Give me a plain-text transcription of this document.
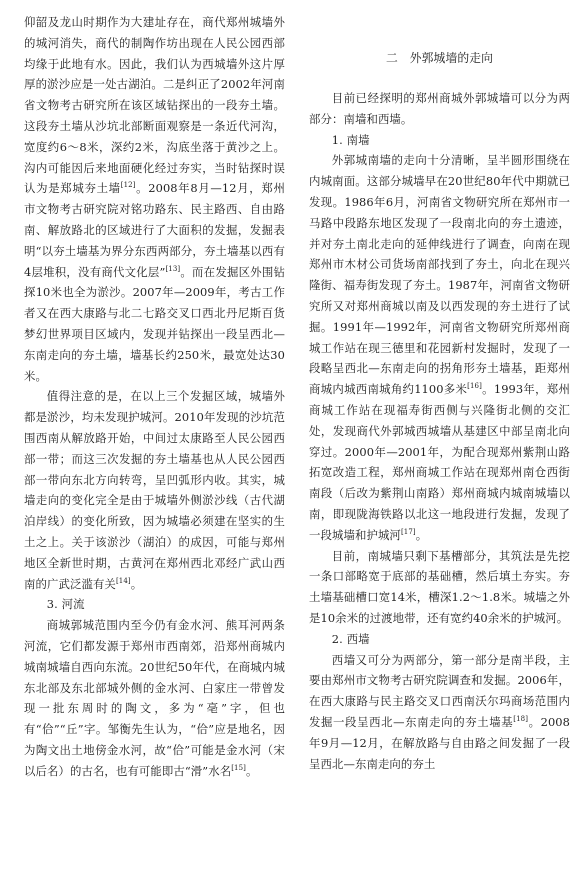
仰韶及龙山时期作为大建址存在，商代郑州城墙外的城河消失，商代的制陶作坊出现在人民公园西部均缘于此地有水。因此，我们认为西城墙外这片厚厚的淤沙应是一处古湖泊。二是纠正了2002年河南省文物考古研究所在该区域钻探出的一段夯土墙。这段夯土墙从沙坑北部断面观察是一条近代河沟，宽度约6～8米，深约2米，沟底坐落于黄沙之上。沟内可能因后来地面硬化经过夯实，当时钻探时误认为是郑城夯土墙[12]。2008年8月—12月，郑州市文物考古研究院对铭功路东、民主路西、自由路南、解放路北的区域进行了大面积的发掘，发掘表明“以夯土墙基为界分东西两部分，夯土墙基以西有4层堆积，没有商代文化层”[13]。而在发掘区外围钻探10米也全为淤沙。2007年—2009年，考古工作者又在西大康路与北二七路交叉口西北丹尼斯百货梦幻世界项目区域内，发现并钻探出一段呈西北—东南走向的夯土墙，墙基长约250米，最宽处达30米。

值得注意的是，在以上三个发掘区域，城墙外都是淤沙，均未发现护城河。2010年发现的沙坑范围西南从解放路开始，中间过太康路至人民公园西部一带；而这三次发掘的夯土墙基也从人民公园西部一带向东北方向转弯，呈凹弧形内收。其实，城墙走向的变化完全是由于城墙外侧淤沙线（古代湖泊岸线）的变化所致，因为城墙必须建在坚实的生土之上。关于该淤沙（湖泊）的成因，可能与郑州地区全新世时期，古黄河在郑州西北邓经广武山西南的广武泛滥有关[14]。

3. 河流

商城郭城范围内至今仍有金水河、熊耳河两条河流，它们都发源于郑州市西南郊，沿郑州商城内城南城墙自西向东流。20世纪50年代，在商城内城东北部及东北部城外侧的金水河、白家庄一带曾发现一批东周时的陶文，多为“亳”字，但也有“佮”“丘”字。邹衡先生认为，“佮”应是地名，因为陶文出土地傍金水河，故“佮”可能是金水河（宋以后名）的古名，也有可能即古“滑”水名[15]。

二　外郭城墙的走向

目前已经探明的郑州商城外郭城墙可以分为两部分：南墙和西墙。

1. 南墙

外郭城南墙的走向十分清晰，呈半圆形围绕在内城南面。这部分城墙早在20世纪80年代中期就已发现。1986年6月，河南省文物研究所在郑州市一马路中段路东地区发现了一段南北向的夯土遗迹，并对夯土南北走向的延伸线进行了调查，向南在现郑州市木材公司货场南部找到了夯土，向北在现兴隆街、福寿街发现了夯土。1987年，河南省文物研究所又对郑州商城以南及以西发现的夯土进行了试掘。1991年—1992年，河南省文物研究所郑州商城工作站在现三德里和花园新村发掘时，发现了一段略呈西北—东南走向的拐角形夯土墙基，距郑州商城内城西南城角约1100多米[16]。1993年，郑州商城工作站在现福寿街西侧与兴隆街北侧的交汇处，发现商代外郭城西城墙从基建区中部呈南北向穿过。2000年—2001年，为配合现郑州紫荆山路拓宽改造工程，郑州商城工作站在现郑州南仓西街南段（后改为紫荆山南路）郑州商城内城南城墙以南，即现陇海铁路以北这一地段进行发掘，发现了一段城墙和护城河[17]。

目前，南城墙只剩下基槽部分，其筑法是先挖一条口部略宽于底部的基础槽，然后填土夯实。夯土墙基础槽口宽14米，槽深1.2～1.8米。城墙之外是10余米的过渡地带，还有宽约40余米的护城河。

2. 西墙

西墙又可分为两部分，第一部分是南半段，主要由郑州市文物考古研究院调查和发掘。2006年，在西大康路与民主路交叉口西南沃尔玛商场范围内发掘一段呈西北—东南走向的夯土墙基[18]。2008年9月—12月，在解放路与自由路之间发掘了一段呈西北—东南走向的夯土
